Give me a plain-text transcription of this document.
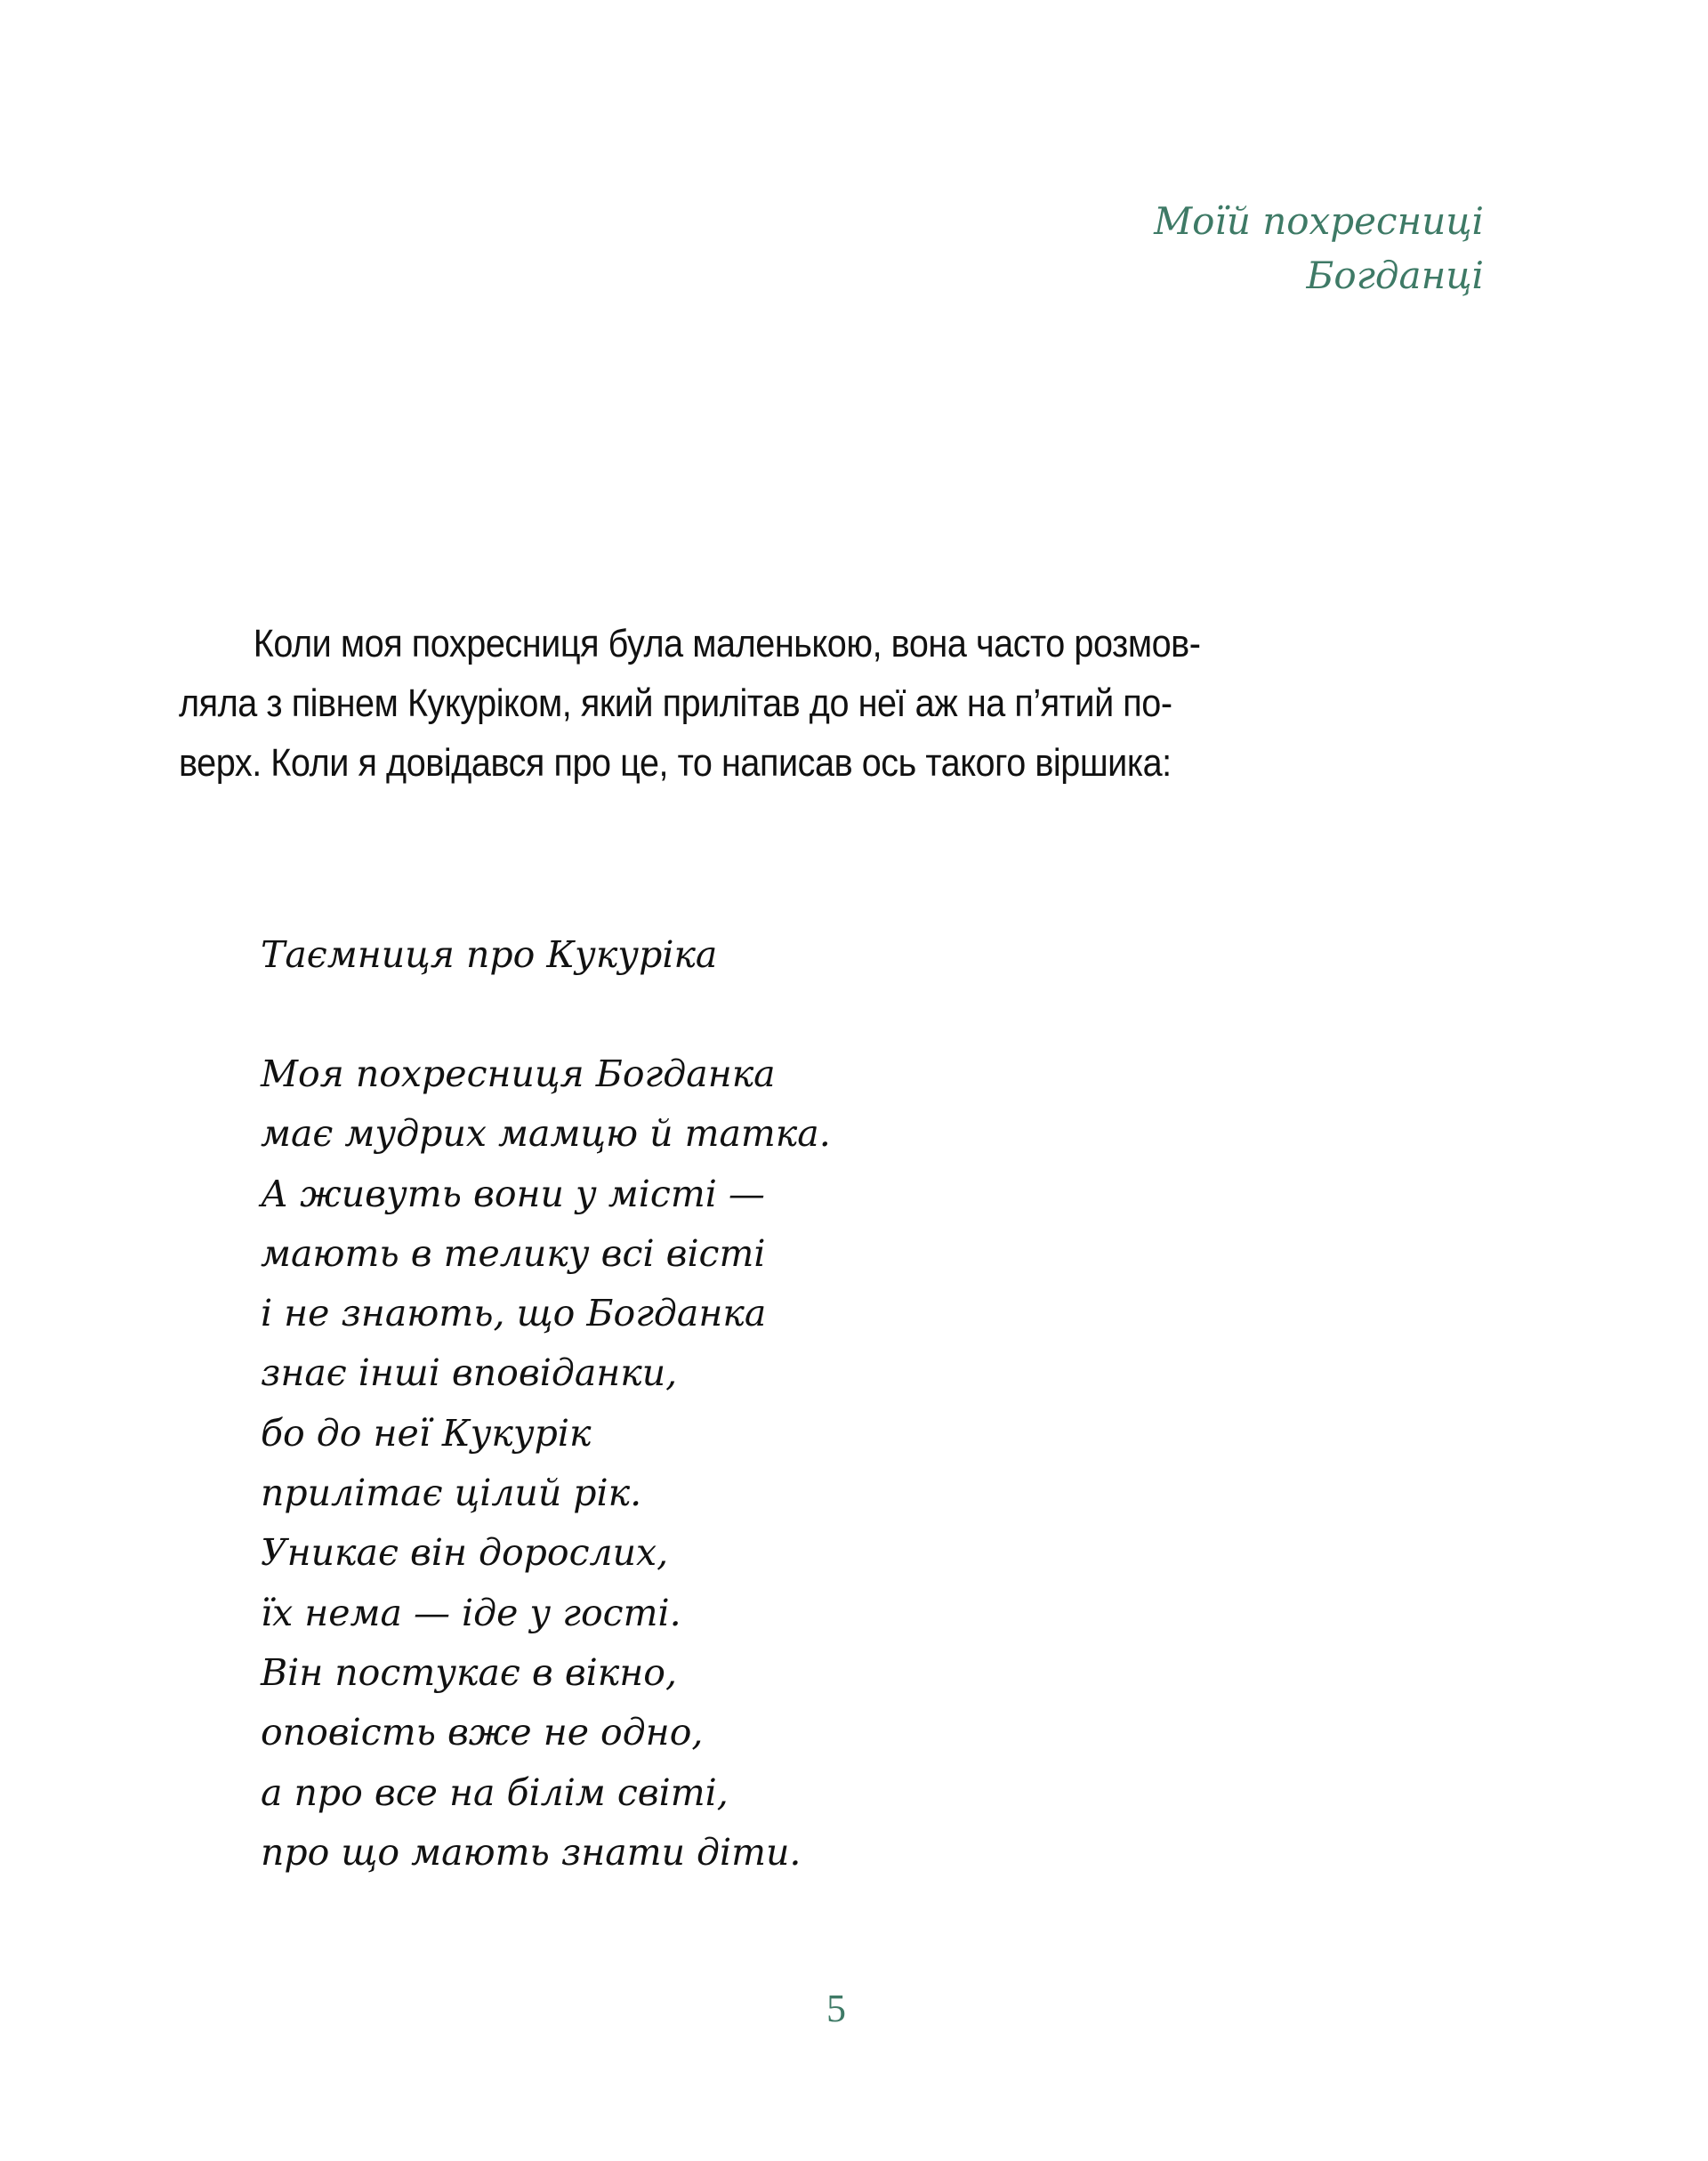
Моїй похресниці
Богданці
Коли моя похресниця була маленькою, вона часто розмов-
ляла з півнем Кукуріком, який прилітав до неї аж на п’ятий по-
верх. Коли я довідався про це, то написав ось такого віршика:
Таємниця про Кукуріка
Моя похресниця Богданка
має мудрих мамцю й татка.
А живуть вони у місті —
мають в телику всі вісті
і не знають, що Богданка
знає інші вповіданки,
бо до неї Кукурік
прилітає цілий рік.
Уникає він дорослих,
їх нема — іде у гості.
Він постукає в вікно,
оповість вже не одно,
а про все на білім світі,
про що мають знати діти.
5
